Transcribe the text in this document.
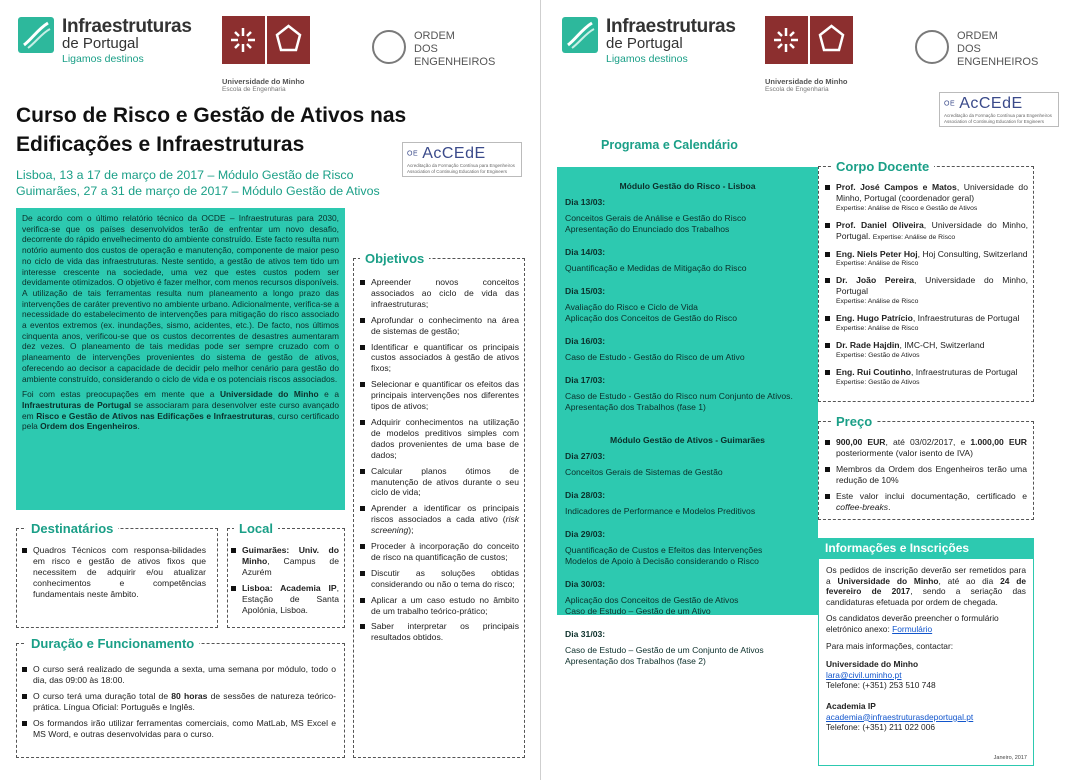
Infraestruturas
de Portugal
Ligamos destinos
Universidade do Minho
Escola de Engenharia
ORDEM
DOS
ENGENHEIROS
Curso de Risco e Gestão de Ativos nas
Edificações e Infraestruturas	OE AcCEdE
Acreditação da Formação Contínua para Engenheiros
Association of Continuing Education for Engineers
Lisboa, 13 a 17 de março de 2017 – Módulo Gestão de Risco
Guimarães, 27 a 31 de março de 2017 – Módulo Gestão de Ativos

De acordo com o último relatório técnico da OCDE – Infraestruturas para 2030, verifica-se que os países desenvolvidos terão de enfrentar um novo desafio, decorrente do rápido envelhecimento do ambiente construído. Este facto resulta num notório aumento dos custos de operação e manutenção, componente de maior peso no ciclo de vida das infraestruturas. Neste sentido, a gestão de ativos tem tido um interesse crescente na sociedade, uma vez que estes custos podem ser devidamente otimizados. O objetivo é fazer melhor, com menos recursos disponíveis. A utilização de tais ferramentas resulta num planeamento a longo prazo das intervenções de caráter preventivo no ambiente urbano. Adicionalmente, verifica-se a necessidade do estabelecimento de intervenções para mitigação do risco associado a eventos extremos (ex. inundações, sismo, acidentes, etc.). De facto, nos últimos cinquenta anos, verificou-se que os custos decorrentes de desastres aumentaram dez vezes. O planeamento de tais medidas pode ser sempre cruzado com o planeamento de intervenções provenientes do sistema de gestão de ativos, oferecendo ao decisor a capacidade de decidir pelo melhor cenário para gestão do ambiente construído, considerando o ciclo de vida e os potenciais riscos associados.

Foi com estas preocupações em mente que a Universidade do Minho e a Infraestruturas de Portugal se associaram para desenvolver este curso avançado em Risco e Gestão de Ativos nas Edificações e Infraestruturas, curso certificado pela Ordem dos Engenheiros.

Objetivos
Apreender novos conceitos associados ao ciclo de vida das infraestruturas;
Aprofundar o conhecimento na área de sistemas de gestão;
Identificar e quantificar os principais custos associados à gestão de ativos fixos;
Selecionar e quantificar os efeitos das principais intervenções nos diferentes tipos de ativos;
Adquirir conhecimentos na utilização de modelos preditivos simples com dados provenientes de uma base de dados;
Calcular planos ótimos de manutenção de ativos durante o seu ciclo de vida;
Aprender a identificar os principais riscos associados a cada ativo (risk screening);
Proceder à incorporação do conceito de risco na quantificação de custos;
Discutir as soluções obtidas considerando ou não o tema do risco;
Aplicar a um caso estudo no âmbito de um trabalho teórico-prático;
Saber interpretar os principais resultados obtidos.
Destinatários
Quadros Técnicos com responsa-bilidades em risco e gestão de ativos fixos que necessitem de adquirir e/ou atualizar conhecimentos e competências fundamentais neste âmbito.
Local
Guimarães: Univ. do Minho, Campus de Azurém
Lisboa: Academia IP, Estação de Santa Apolónia, Lisboa.
Duração e Funcionamento
O curso será realizado de segunda a sexta, uma semana por módulo, todo o dia, das 09:00 às 18:00.
O curso terá uma duração total de 80 horas de sessões de natureza teórico-prática. Língua Oficial: Português e Inglês.
Os formandos irão utilizar ferramentas comerciais, como MatLab, MS Excel e MS Word, e outras desenvolvidas para o curso.
Infraestruturas
de Portugal
Ligamos destinos
Universidade do Minho
Escola de Engenharia
ORDEM
DOS
ENGENHEIROS
OE AcCEdE
Acreditação da Formação Contínua para Engenheiros
Association of Continuing Education for Engineers
Programa e Calendário
Módulo Gestão do Risco - Lisboa
Dia 13/03:
Conceitos Gerais de Análise e Gestão do Risco
Apresentação do Enunciado dos Trabalhos
Dia 14/03:
Quantificação e Medidas de Mitigação do Risco
Dia 15/03:
Avaliação do Risco e Ciclo de Vida
Aplicação dos Conceitos de Gestão do Risco
Dia 16/03:
Caso de Estudo - Gestão do Risco de um Ativo
Dia 17/03:
Caso de Estudo - Gestão do Risco num Conjunto de Ativos. Apresentação dos Trabalhos (fase 1)
Módulo Gestão de Ativos - Guimarães
Dia 27/03:
Conceitos Gerais de Sistemas de Gestão
Dia 28/03:
Indicadores de Performance e Modelos Preditivos
Dia 29/03:
Quantificação de Custos e Efeitos das Intervenções
Modelos de Apoio à Decisão considerando o Risco
Dia 30/03:
Aplicação dos Conceitos de Gestão de Ativos
Caso de Estudo – Gestão de um Ativo
Dia 31/03:
Caso de Estudo – Gestão de um Conjunto de Ativos
Apresentação dos Trabalhos (fase 2)
Corpo Docente
Prof. José Campos e Matos, Universidade do Minho, Portugal (coordenador geral)
Expertise: Análise de Risco e Gestão de Ativos
Prof. Daniel Oliveira, Universidade do Minho, Portugal. Expertise: Análise de Risco
Eng. Niels Peter Hoj, Hoj Consulting, Switzerland
Expertise: Análise de Risco
Dr. João Pereira, Universidade do Minho, Portugal
Expertise: Análise de Risco
Eng. Hugo Patrício, Infraestruturas de Portugal
Expertise: Análise de Risco
Dr. Rade Hajdin, IMC-CH, Switzerland
Expertise: Gestão de Ativos
Eng. Rui Coutinho, Infraestruturas de Portugal
Expertise: Gestão de Ativos
Preço
900,00 EUR, até 03/02/2017, e 1.000,00 EUR posteriormente (valor isento de IVA)
Membros da Ordem dos Engenheiros terão uma redução de 10%
Este valor inclui documentação, certificado e coffee-breaks.
Informações e Inscrições

Os pedidos de inscrição deverão ser remetidos para a Universidade do Minho, até ao dia 24 de fevereiro de 2017, sendo a seriação das candidaturas efetuada por ordem de chegada.

Os candidatos deverão preencher o formulário eletrónico anexo: Formulário

Para mais informações, contactar:

Universidade do Minho
lara@civil.uminho.pt
Telefone: (+351) 253 510 748
Academia IP
academia@infraestruturasdeportugal.pt
Telefone: (+351) 211 022 006
Janeiro, 2017
